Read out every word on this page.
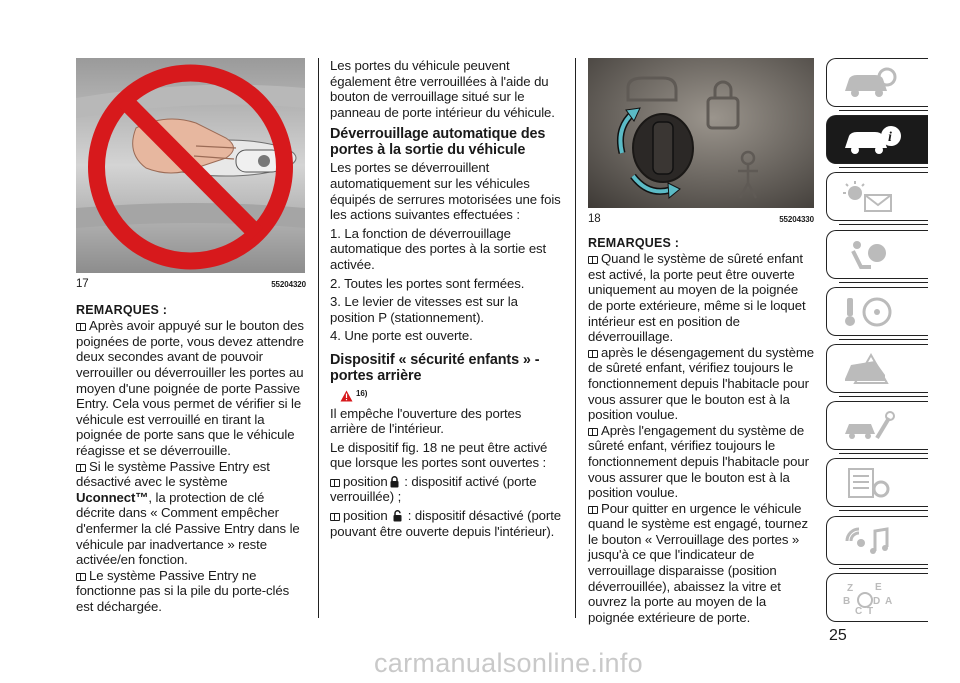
17	55204320
REMARQUES :

Après avoir appuyé sur le bouton des poignées de porte, vous devez attendre deux secondes avant de pouvoir verrouiller ou déverrouiller les portes au moyen d'une poignée de porte Passive Entry. Cela vous permet de vérifier si le véhicule est verrouillé en tirant la poignée de porte sans que le véhicule réagisse et se déverrouille.

Si le système Passive Entry est désactivé avec le système Uconnect™, la protection de clé décrite dans « Comment empêcher d'enfermer la clé Passive Entry dans le véhicule par inadvertance » reste activée/en fonction.

Le système Passive Entry ne fonctionne pas si la pile du porte-clés est déchargée.

Les portes du véhicule peuvent également être verrouillées à l'aide du bouton de verrouillage situé sur le panneau de porte intérieur du véhicule.

Déverrouillage automatique des portes à la sortie du véhicule

Les portes se déverrouillent automatiquement sur les véhicules équipés de serrures motorisées une fois les actions suivantes effectuées :

1. La fonction de déverrouillage automatique des portes à la sortie est activée.

2. Toutes les portes sont fermées.

3. Le levier de vitesses est sur la position P (stationnement).

4. Une porte est ouverte.

Dispositif « sécurité enfants » - portes arrière
16)

Il empêche l'ouverture des portes arrière de l'intérieur.

Le dispositif fig. 18 ne peut être activé que lorsque les portes sont ouvertes :

position : dispositif activé (porte verrouillée) ;

position  : dispositif désactivé (porte pouvant être ouverte depuis l'intérieur).

18	55204330
REMARQUES :

Quand le système de sûreté enfant est activé, la porte peut être ouverte uniquement au moyen de la poignée de porte extérieure, même si le loquet intérieur est en position de déverrouillage.

après le désengagement du système de sûreté enfant, vérifiez toujours le fonctionnement depuis l'habitacle pour vous assurer que le bouton est à la position voulue.

Après l'engagement du système de sûreté enfant, vérifiez toujours le fonctionnement depuis l'habitacle pour vous assurer que le bouton est à la position voulue.

Pour quitter en urgence le véhicule quand le système est engagé, tournez le bouton « Verrouillage des portes » jusqu'à ce que l'indicateur de verrouillage disparaisse (position déverrouillée), abaissez la vitre et ouvrez la porte au moyen de la poignée extérieure de porte.

i
Z E
B D A
C T
25
carmanualsonline.info
